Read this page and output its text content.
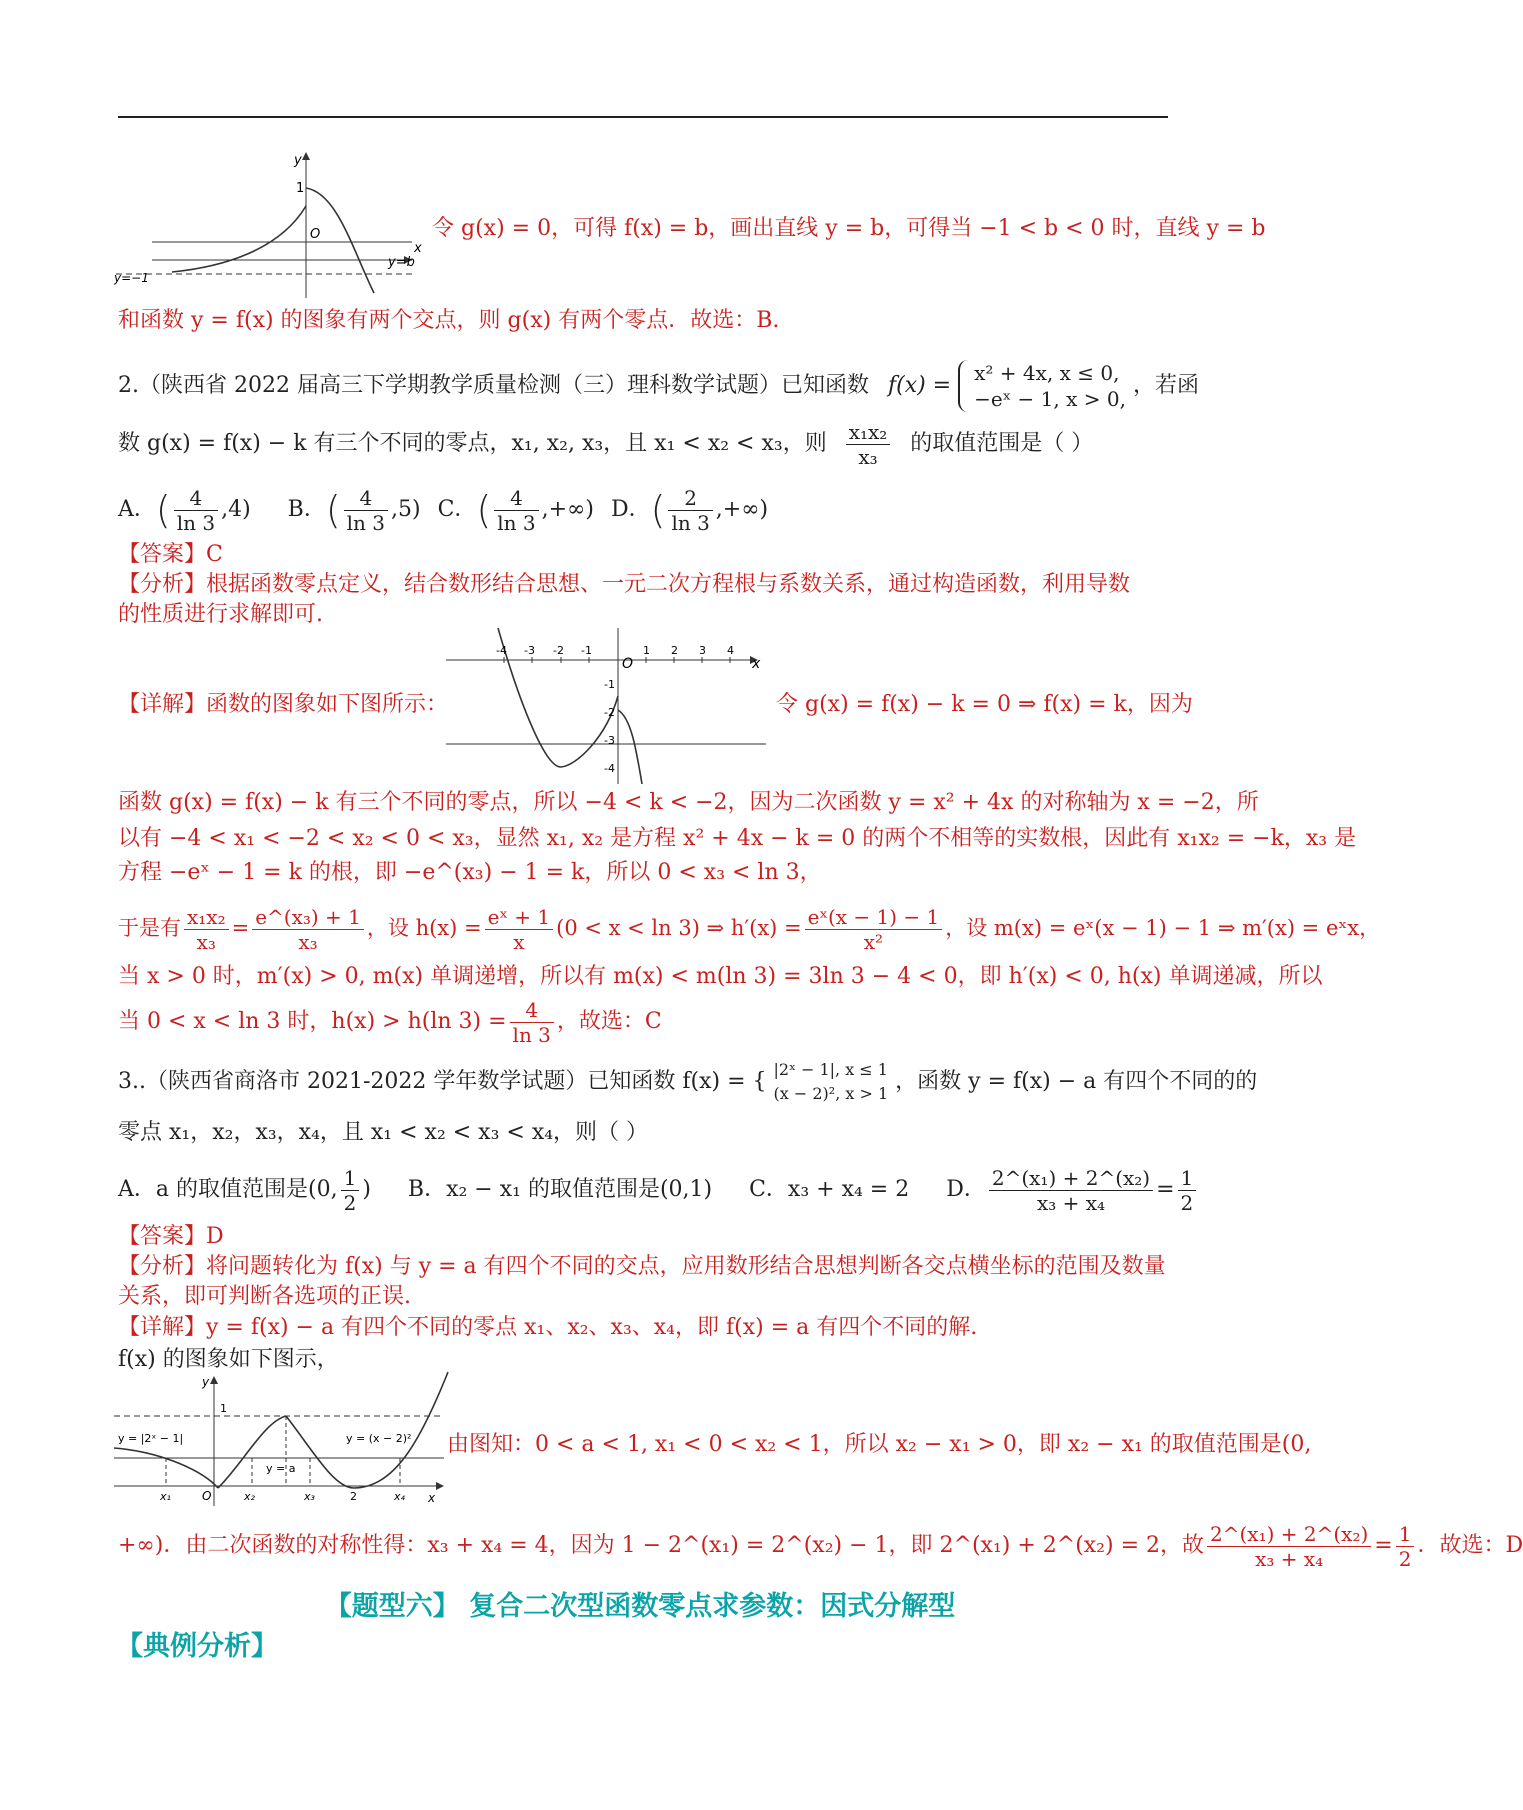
y
1
O
x
y=b
y=−1
令 g(x) = 0，可得 f(x) = b，画出直线 y = b，可得当 −1 < b < 0 时，直线 y = b
和函数 y = f(x) 的图象有两个交点，则 g(x) 有两个零点．故选：B.
2.（陕西省 2022 届高三下学期教学质量检测（三）理科数学试题）已知函数 f(x) = x² + 4x, x ≤ 0,
−eˣ − 1, x > 0,
，若函
数 g(x) = f(x) − k 有三个不同的零点，x₁, x₂, x₃，且 x₁ < x₂ < x₃，则 $\frac{\text{x₁x₂}}{\text{x₃}}$ 的取值范围是（ ）
A．( $\frac{4}{\ln 3} ,4$) B．( $\frac{4}{\ln 3} ,5$) C．( $\frac{4}{\ln 3}$ ,+∞) D．( $\frac{2}{\ln 3}$ ,+∞)
【答案】C
【分析】根据函数零点定义，结合数形结合思想、一元二次方程根与系数关系，通过构造函数，利用导数
的性质进行求解即可.
-4 -3 -2 -1
O
1 2 3 4
x
-1
-2
-3
-4
【详解】函数的图象如下图所示：	令 g(x) = f(x) − k = 0 ⇒ f(x) = k，因为
函数 g(x) = f(x) − k 有三个不同的零点，所以 −4 < k < −2，因为二次函数 y = x² + 4x 的对称轴为 x = −2，所
以有 −4 < x₁ < −2 < x₂ < 0 < x₃，显然 x₁, x₂ 是方程 x² + 4x − k = 0 的两个不相等的实数根，因此有 x₁x₂ = −k，x₃ 是
方程 −eˣ − 1 = k 的根，即 −e^(x₃) − 1 = k，所以 0 < x₃ < ln 3，
于是有 $\frac{\text{x₁x₂}}{\text{x₃}} = \frac{\text{e\textasciicircum{}(x₃) + 1}}{\text{x₃}}$ ，设 $h(x) = \frac{\text{eˣ + 1}}{x} (0 < x < \ln 3)$ ⇒ $h'(x) = \frac{\text{eˣ(x − 1) − 1}}{\text{x²}}$ ，设 m(x) = eˣ(x − 1) − 1 ⇒ m′(x) = eˣx，
当 x > 0 时，m′(x) > 0, m(x) 单调递增，所以有 m(x) < m(ln 3) = 3ln 3 − 4 < 0，即 h′(x) < 0, h(x) 单调递减，所以
当 0 < x < ln 3 时，h(x) > h(ln $3) = \frac{4}{\ln 3}$ ，故选：C
3..（陕西省商洛市 2021-2022 学年数学试题）已知函数 f(x) = { |2ˣ − 1|, x ≤ 1
(x − 2)², x > 1 ，函数 y = f(x) − a 有四个不同的的
零点 x₁，x₂，x₃，x₄，且 x₁ < x₂ < x₃ < x₄，则（ ）
A．a 的取值范围是(0, $\frac{1}{2}$ ) B．x₂ − x₁ 的取值范围是(0,1) C．x₃ + x₄ = 2 D． $\frac{\text{2\textasciicircum{}(x₁) + 2\textasciicircum{}(x₂)}}{\text{x₃ + x₄}} = \frac{1}{2}$
【答案】D
【分析】将问题转化为 f(x) 与 y = a 有四个不同的交点，应用数形结合思想判断各交点横坐标的范围及数量
关系，即可判断各选项的正误.
【详解】y = f(x) − a 有四个不同的零点 x₁、x₂、x₃、x₄，即 f(x) = a 有四个不同的解.
f(x) 的图象如下图示，
y
1
y = |2ˣ − 1|	y = (x − 2)²
y = a
x₁	O	x₂	x₃	2	x₄ x
由图知：0 < a < 1, x₁ < 0 < x₂ < 1，所以 x₂ − x₁ > 0，即 x₂ − x₁ 的取值范围是(0,
+∞)．由二次函数的对称性得：x₃ + x₄ = 4，因为 1 − 2^(x₁) = 2^(x₂) − 1，即 2^(x₁) + 2^(x₂) = 2，故 $\frac{\text{2\textasciicircum{}(x₁) + 2\textasciicircum{}(x₂)}}{\text{x₃ + x₄}} = \frac{1}{2}$ ．故选：D
【题型六】 复合二次型函数零点求参数：因式分解型
【典例分析】
